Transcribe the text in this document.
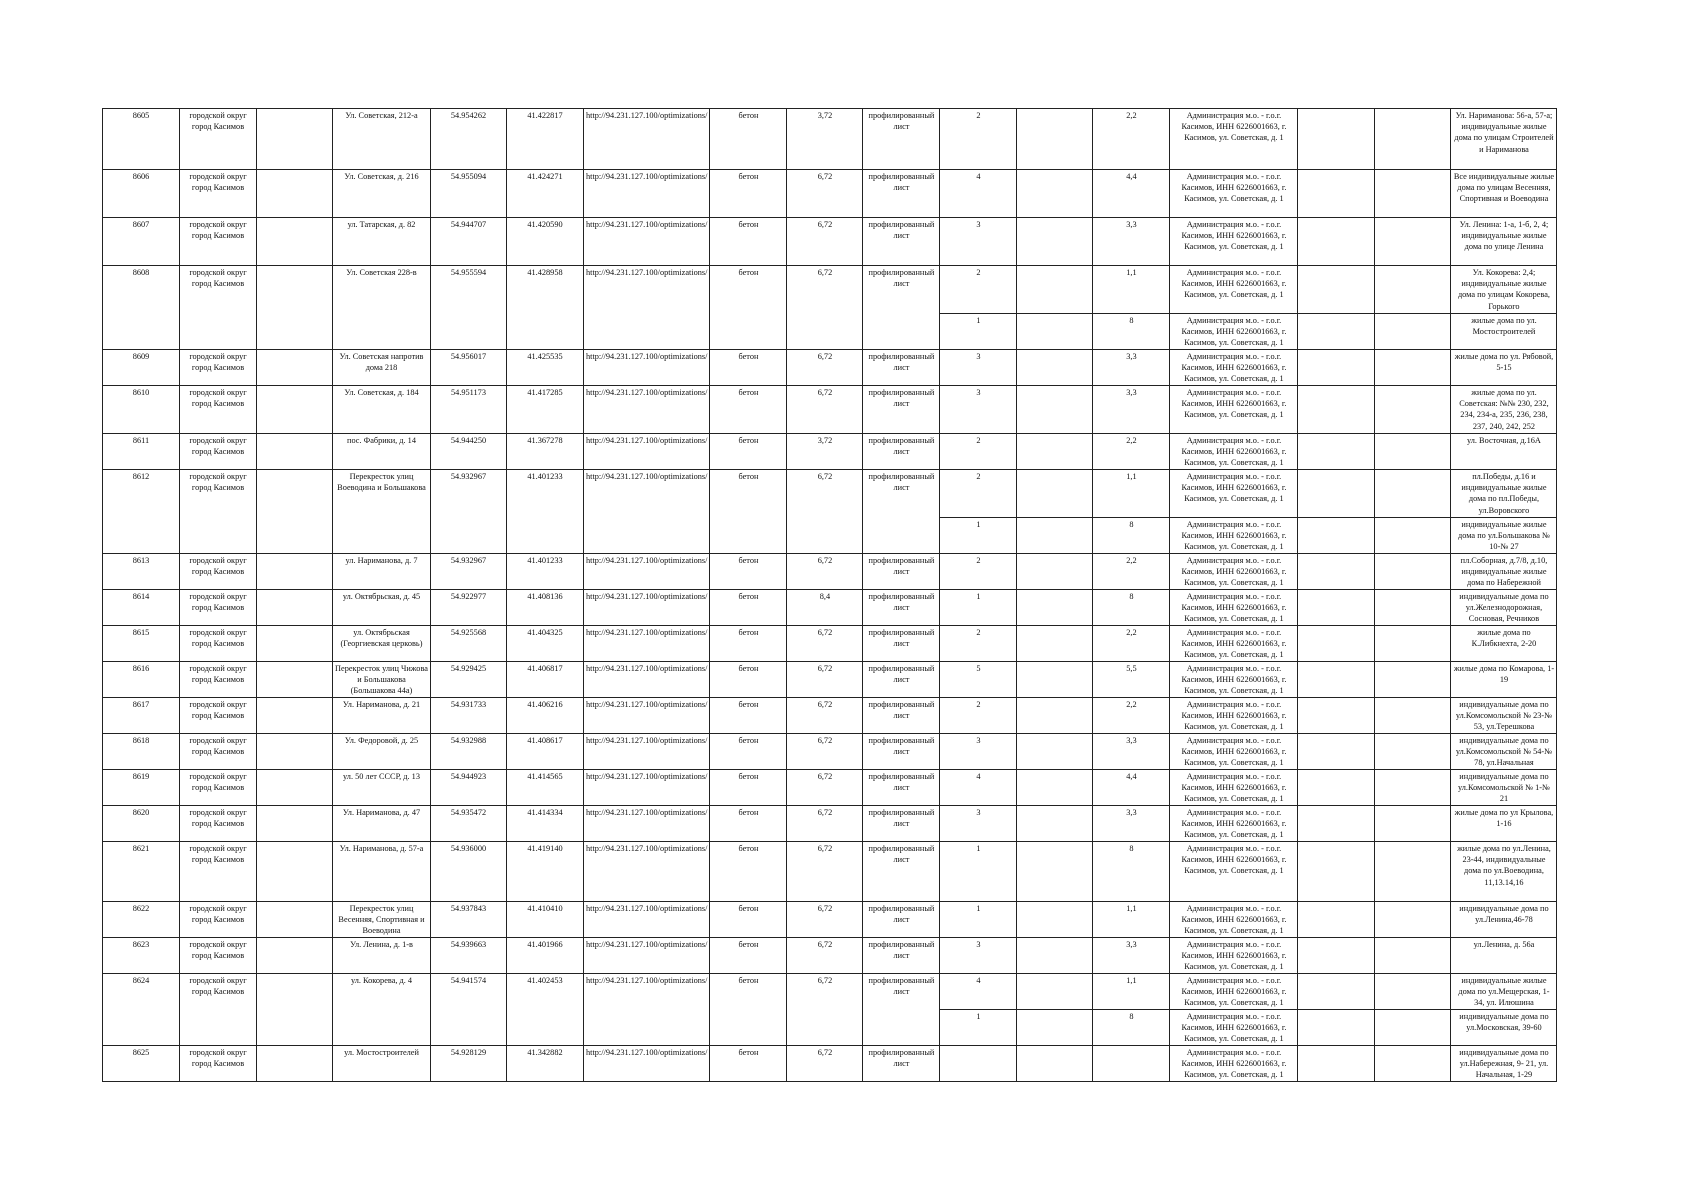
8605	городской округ город Касимов		Ул. Советская, 212-а	54.954262	41.422817	http://94.231.127.100/optimizations/	бетон	3,72	профилированный лист	2		2,2	Администрация м.о. - г.о.г. Касимов, ИНН 6226001663, г. Касимов, ул. Советская, д. 1			Ул. Нариманова: 56-а, 57-а; индивидуальные жилые дома по улицам Строителей и Нариманова
8606	городской округ город Касимов		Ул. Советская, д. 216	54.955094	41.424271	http://94.231.127.100/optimizations/	бетон	6,72	профилированный лист	4		4,4	Администрация м.о. - г.о.г. Касимов, ИНН 6226001663, г. Касимов, ул. Советская, д. 1			Все индивидуальные жилые дома по улицам Весенняя, Спортивная и Воеводина
8607	городской округ город Касимов		ул. Татарская, д. 82	54.944707	41.420590	http://94.231.127.100/optimizations/	бетон	6,72	профилированный лист	3		3,3	Администрация м.о. - г.о.г. Касимов, ИНН 6226001663, г. Касимов, ул. Советская, д. 1			Ул. Ленина: 1-а, 1-б, 2, 4; индивидуальные жилые дома по улице Ленина
8608	городской округ город Касимов		Ул. Советская 228-в	54.955594	41.428958	http://94.231.127.100/optimizations/	бетон	6,72	профилированный лист	2		1,1	Администрация м.о. - г.о.г. Касимов, ИНН 6226001663, г. Касимов, ул. Советская, д. 1			Ул. Кокорева: 2,4; индивидуальные жилые дома по улицам Кокорева, Горького
										1		8	Администрация м.о. - г.о.г. Касимов, ИНН 6226001663, г. Касимов, ул. Советская, д. 1			жилые дома по ул. Мостостроителей
8609	городской округ город Касимов		Ул. Советская напротив дома 218	54.956017	41.425535	http://94.231.127.100/optimizations/	бетон	6,72	профилированный лист	3		3,3	Администрация м.о. - г.о.г. Касимов, ИНН 6226001663, г. Касимов, ул. Советская, д. 1			жилые дома по ул. Рябовой, 5-15
8610	городской округ город Касимов		Ул. Советская, д. 184	54.951173	41.417285	http://94.231.127.100/optimizations/	бетон	6,72	профилированный лист	3		3,3	Администрация м.о. - г.о.г. Касимов, ИНН 6226001663, г. Касимов, ул. Советская, д. 1			жилые дома по ул. Советская: №№ 230, 232, 234, 234-а, 235, 236, 238, 237, 240, 242, 252
8611	городской округ город Касимов		пос. Фабрики, д. 14	54.944250	41.367278	http://94.231.127.100/optimizations/	бетон	3,72	профилированный лист	2		2,2	Администрация м.о. - г.о.г. Касимов, ИНН 6226001663, г. Касимов, ул. Советская, д. 1			ул. Восточная, д.16А
8612	городской округ город Касимов		Перекресток улиц Воеводина и Большакова	54.932967	41.401233	http://94.231.127.100/optimizations/	бетон	6,72	профилированный лист	2		1,1	Администрация м.о. - г.о.г. Касимов, ИНН 6226001663, г. Касимов, ул. Советская, д. 1			пл.Победы, д.16 и индивидуальные жилые дома по пл.Победы, ул.Воровского
										1		8	Администрация м.о. - г.о.г. Касимов, ИНН 6226001663, г. Касимов, ул. Советская, д. 1			индивидуальные жилые дома по ул.Большакова № 10-№ 27
8613	городской округ город Касимов		ул. Нариманова, д. 7	54.932967	41.401233	http://94.231.127.100/optimizations/	бетон	6,72	профилированный лист	2		2,2	Администрация м.о. - г.о.г. Касимов, ИНН 6226001663, г. Касимов, ул. Советская, д. 1			пл.Соборная, д.7/8, д.10, индивидуальные жилые дома по Набережной
8614	городской округ город Касимов		ул. Октябрьская, д. 45	54.922977	41.408136	http://94.231.127.100/optimizations/	бетон	8,4	профилированный лист	1		8	Администрация м.о. - г.о.г. Касимов, ИНН 6226001663, г. Касимов, ул. Советская, д. 1			индивидуальные дома по ул.Железнодорожная, Сосновая, Речников
8615	городской округ город Касимов		ул. Октябрьская (Георгиевская церковь)	54.925568	41.404325	http://94.231.127.100/optimizations/	бетон	6,72	профилированный лист	2		2,2	Администрация м.о. - г.о.г. Касимов, ИНН 6226001663, г. Касимов, ул. Советская, д. 1			жилые дома по К.Либкнехта, 2-20
8616	городской округ город Касимов		Перекресток улиц Чижова и Большакова (Большакова 44а)	54.929425	41.406817	http://94.231.127.100/optimizations/	бетон	6,72	профилированный лист	5		5,5	Администрация м.о. - г.о.г. Касимов, ИНН 6226001663, г. Касимов, ул. Советская, д. 1			жилые дома по Комарова, 1-19
8617	городской округ город Касимов		Ул. Нариманова, д. 21	54.931733	41.406216	http://94.231.127.100/optimizations/	бетон	6,72	профилированный лист	2		2,2	Администрация м.о. - г.о.г. Касимов, ИНН 6226001663, г. Касимов, ул. Советская, д. 1			индивидуальные дома по ул.Комсомольской № 23-№ 53, ул.Терешкова
8618	городской округ город Касимов		Ул. Федоровой, д. 25	54.932988	41.408617	http://94.231.127.100/optimizations/	бетон	6,72	профилированный лист	3		3,3	Администрация м.о. - г.о.г. Касимов, ИНН 6226001663, г. Касимов, ул. Советская, д. 1			индивидуальные дома по ул.Комсомольской № 54-№ 78, ул.Начальная
8619	городской округ город Касимов		ул. 50 лет СССР, д. 13	54.944923	41.414565	http://94.231.127.100/optimizations/	бетон	6,72	профилированный лист	4		4,4	Администрация м.о. - г.о.г. Касимов, ИНН 6226001663, г. Касимов, ул. Советская, д. 1			индивидуальные дома по ул.Комсомольской № 1-№ 21
8620	городской округ город Касимов		Ул. Нариманова, д. 47	54.935472	41.414334	http://94.231.127.100/optimizations/	бетон	6,72	профилированный лист	3		3,3	Администрация м.о. - г.о.г. Касимов, ИНН 6226001663, г. Касимов, ул. Советская, д. 1			жилые дома по ул Крылова, 1-16
8621	городской округ город Касимов		Ул. Нариманова, д. 57-а	54.936000	41.419140	http://94.231.127.100/optimizations/	бетон	6,72	профилированный лист	1		8	Администрация м.о. - г.о.г. Касимов, ИНН 6226001663, г. Касимов, ул. Советская, д. 1			жилые дома по ул.Ленина, 23-44, индивидуальные дома по ул.Воеводина, 11,13.14,16
8622	городской округ город Касимов		Перекресток улиц Весенняя, Спортивная и Воеводина	54.937843	41.410410	http://94.231.127.100/optimizations/	бетон	6,72	профилированный лист	1		1,1	Администрация м.о. - г.о.г. Касимов, ИНН 6226001663, г. Касимов, ул. Советская, д. 1			индивидуальные дома по ул.Ленина,46-78
8623	городской округ город Касимов		Ул. Ленина, д. 1-в	54.939663	41.401966	http://94.231.127.100/optimizations/	бетон	6,72	профилированный лист	3		3,3	Администрация м.о. - г.о.г. Касимов, ИНН 6226001663, г. Касимов, ул. Советская, д. 1			ул.Ленина, д. 56а
8624	городской округ город Касимов		ул. Кокорева, д. 4	54.941574	41.402453	http://94.231.127.100/optimizations/	бетон	6,72	профилированный лист	4		1,1	Администрация м.о. - г.о.г. Касимов, ИНН 6226001663, г. Касимов, ул. Советская, д. 1			индивидуальные жилые дома по ул.Мещерская, 1-34, ул. Илюшина
										1		8	Администрация м.о. - г.о.г. Касимов, ИНН 6226001663, г. Касимов, ул. Советская, д. 1			индивидуальные дома по ул.Московская, 39-60
8625	городской округ город Касимов		ул. Мостостроителей	54.928129	41.342882	http://94.231.127.100/optimizations/	бетон	6,72	профилированный лист				Администрация м.о. - г.о.г. Касимов, ИНН 6226001663, г. Касимов, ул. Советская, д. 1			индивидуальные дома по ул.Набережная, 9- 21, ул. Начальная, 1-29
